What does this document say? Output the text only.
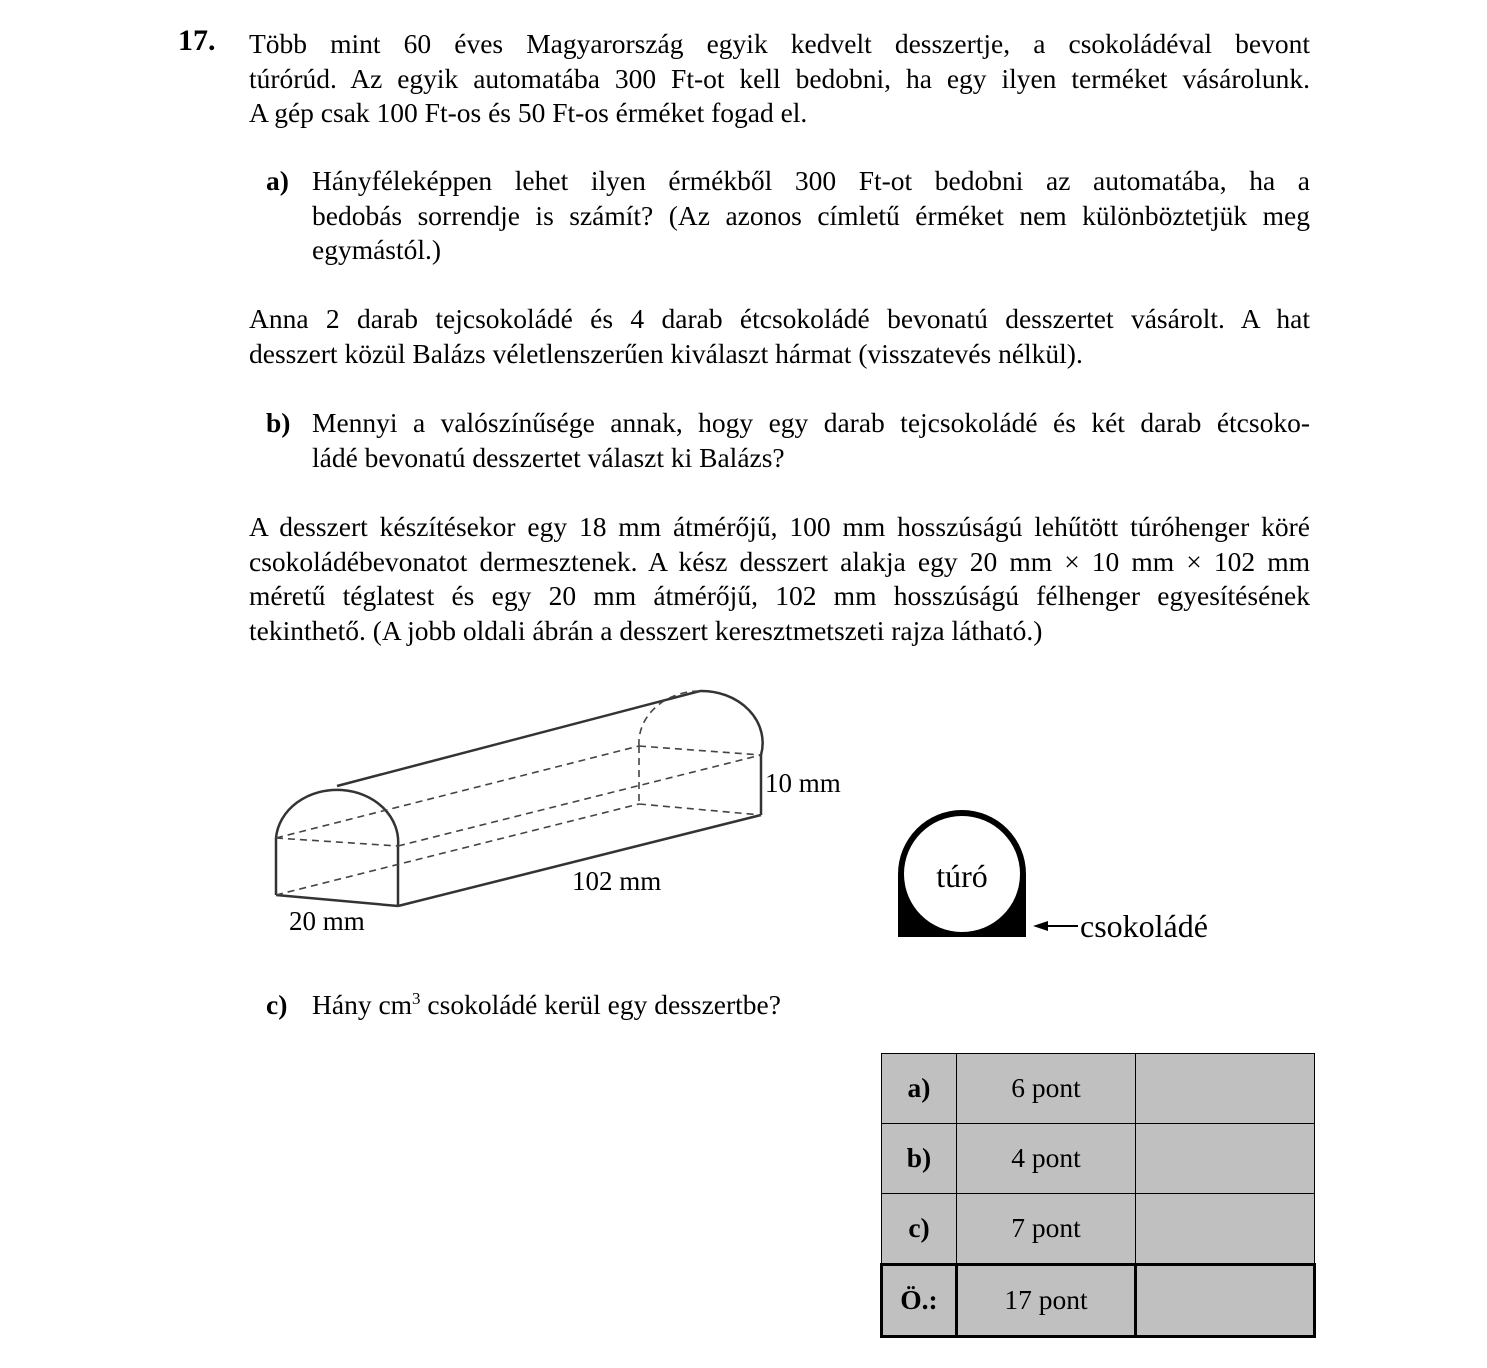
17. Több mint 60 éves Magyarország egyik kedvelt desszertje, a csokoládéval bevont
túrórúd. Az egyik automatába 300 Ft-ot kell bedobni, ha egy ilyen terméket vásárolunk.
A gép csak 100 Ft-os és 50 Ft-os érméket fogad el.
a) Hányféleképpen lehet ilyen érmékből 300 Ft-ot bedobni az automatába, ha a
bedobás sorrendje is számít? (Az azonos címletű érméket nem különböztetjük meg
egymástól.)
Anna 2 darab tejcsokoládé és 4 darab étcsokoládé bevonatú desszertet vásárolt. A hat
desszert közül Balázs véletlenszerűen kiválaszt hármat (visszatevés nélkül).
b) Mennyi a valószínűsége annak, hogy egy darab tejcsokoládé és két darab étcsoko-
ládé bevonatú desszertet választ ki Balázs?
A desszert készítésekor egy 18 mm átmérőjű, 100 mm hosszúságú lehűtött túróhenger köré
csokoládébevonatot dermesztenek. A kész desszert alakja egy 20 mm × 10 mm × 102 mm
méretű téglatest és egy 20 mm átmérőjű, 102 mm hosszúságú félhenger egyesítésének
tekinthető. (A jobb oldali ábrán a desszert keresztmetszeti rajza látható.)
10 mm
102 mm
20 mm
túró
csokoládé
c) Hány $cm^3$ csokoládé kerül egy desszertbe?
a)	6 pont	
b)	4 pont	
c)	7 pont	
Ö.:	17 pont	
